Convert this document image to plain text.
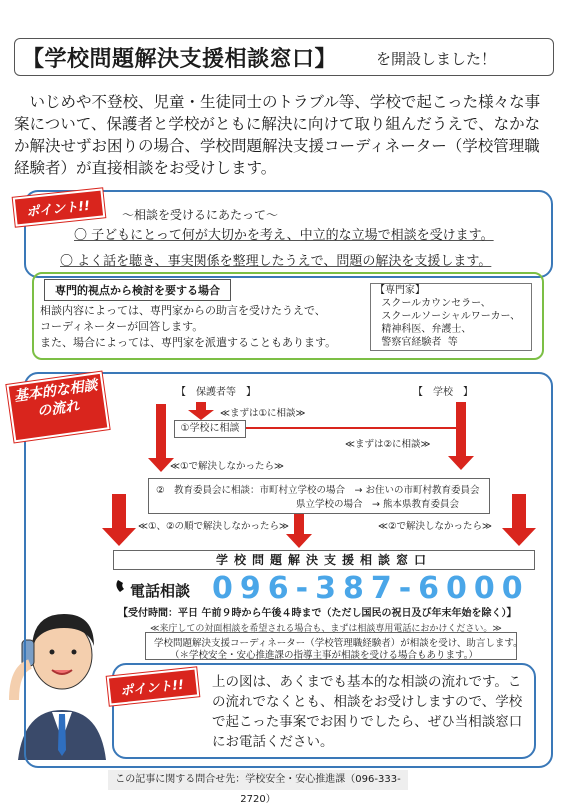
【学校問題解決支援相談窓口】	を開設しました！

いじめや不登校、児童・生徒同士のトラブル等、学校で起こった様々な事案について、保護者と学校がともに解決に向けて取り組んだうえで、なかなか解決せずお困りの場合、学校問題解決支援コーディネーター（学校管理職経験者）が直接相談をお受けします。

ポイント!!	～相談を受けるにあたって～
〇 子どもにとって何が大切かを考え、中立的な立場で相談を受けます。
〇 よく話を聴き、事実関係を整理したうえで、問題の解決を支援します。
専門的視点から検討を要する場合

相談内容によっては、専門家からの助言を受けたうえで、
コーディネーターが回答します。
また、場合によっては、専門家を派遣することもあります。

【専門家】
スクールカウンセラー、
スクールソーシャルワーカー、
精神科医、弁護士、
警察官経験者  等

基本的な相談の流れ
【　保護者等　】	【　学校　】
≪まずは①に相談≫
①学校に相談
≪まずは②に相談≫
≪①で解決しなかったら≫
②　教育委員会に相談：市町村立学校の場合　→ お住いの市町村教育委員会
県立学校の場合　→ 熊本県教育委員会
≪①、②の順で解決しなかったら≫	≪②で解決しなかったら≫
学校問題解決支援相談窓口
電話相談 096-387-6000
【受付時間：平日 午前９時から午後４時まで（ただし国民の祝日及び年末年始を除く）】
≪来庁しての対面相談を希望される場合も、まずは相談専用電話におかけください。≫
学校問題解決支援コーディネーター（学校管理職経験者）が相談を受け、助言します。
（＊学校安全・安心推進課の指導主事が相談を受ける場合もあります。）
ポイント!!	上の図は、あくまでも基本的な相談の流れです。この流れでなくとも、相談をお受けしますので、学校で起こった事案でお困りでしたら、ぜひ当相談窓口にお電話ください。

この記事に関する問合せ先：学校安全・安心推進課（096-333-2720）
